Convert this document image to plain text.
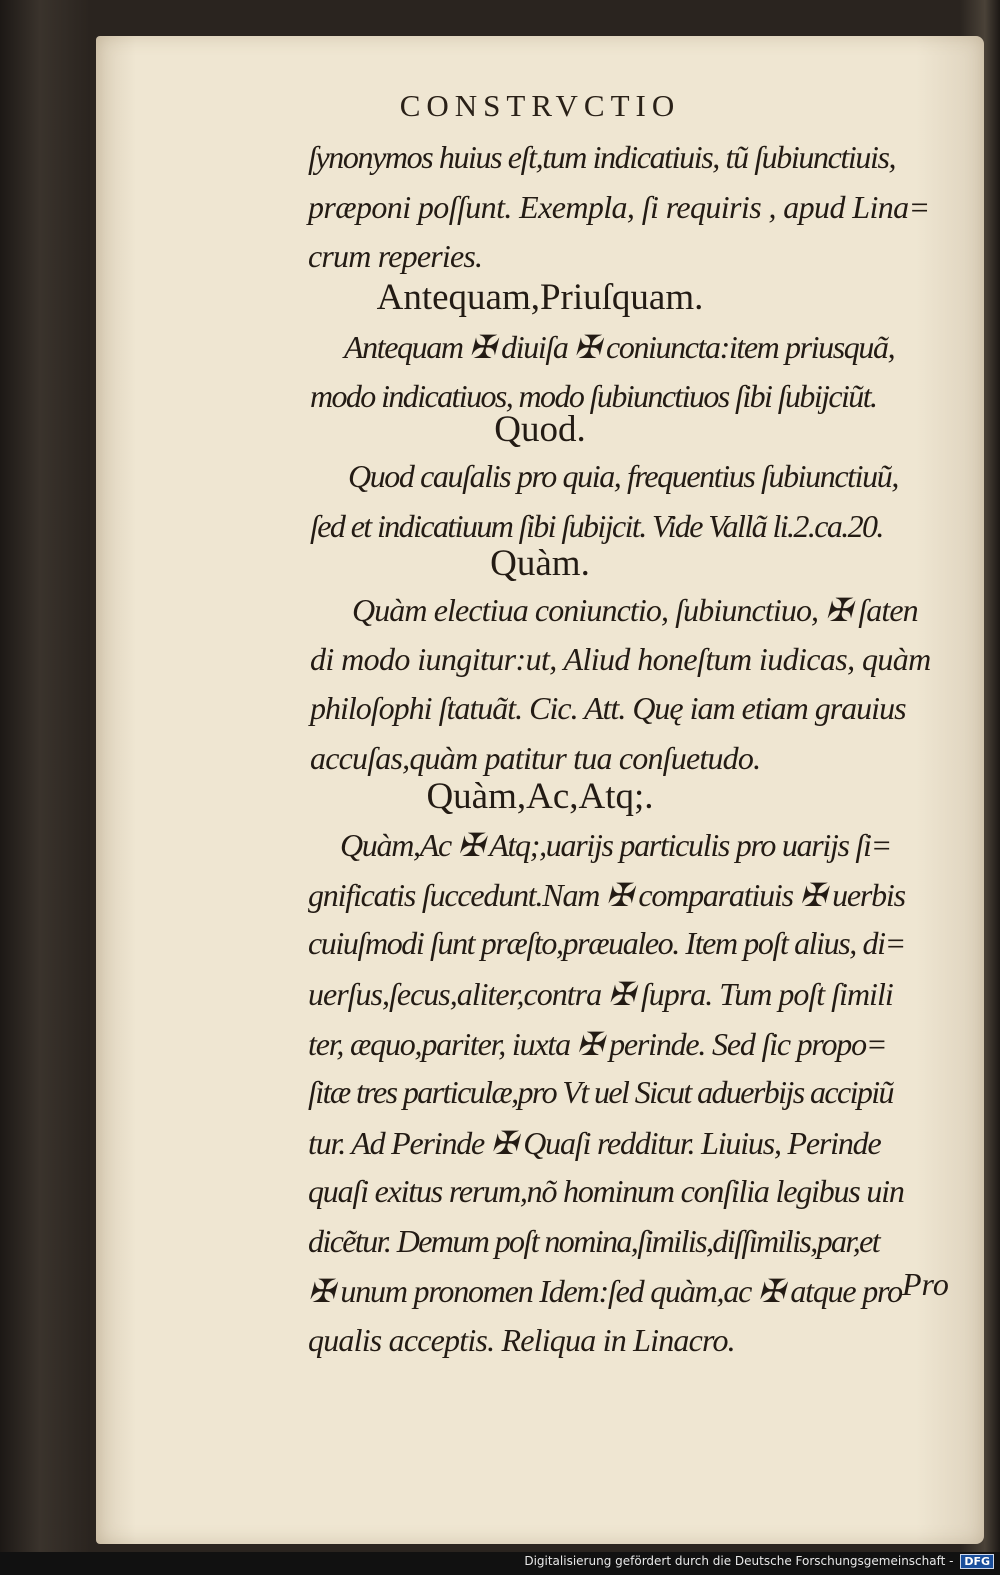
CONSTRVCTIO
ſynonymos huius eſt,tum indicatiuis, tũ ſubiunctiuis,
præponi poſſunt. Exempla, ſi requiris , apud Lina=
crum reperies.
Antequam,Priuſquam.
Antequam ✠ diuiſa ✠ coniuncta:item priusquã,
modo indicatiuos, modo ſubiunctiuos ſibi ſubijciũt.
Quod.
Quod cauſalis pro quia, frequentius ſubiunctiuũ,
ſed et indicatiuum ſibi ſubijcit. Vide Vallã li.2.ca.20.
Quàm.
Quàm electiua coniunctio, ſubiunctiuo, ✠ ſaten
di modo iungitur:ut, Aliud honeſtum iudicas, quàm
philoſophi ſtatuãt. Cic. Att. Quę iam etiam grauius
accuſas,quàm patitur tua conſuetudo.
Quàm,Ac,Atq;.
Quàm,Ac ✠ Atq;,uarijs particulis pro uarijs ſi=
gnificatis ſuccedunt.Nam ✠ comparatiuis ✠ uerbis
cuiuſmodi ſunt præſto,præualeo. Item poſt alius, di=
uerſus,ſecus,aliter,contra ✠ ſupra. Tum poſt ſimili
ter, æquo,pariter, iuxta ✠ perinde. Sed ſic propo=
ſitæ tres particulæ,pro Vt uel Sicut aduerbijs accipiũ
tur. Ad Perinde ✠ Quaſi redditur. Liuius, Perinde
quaſi exitus rerum,nõ hominum conſilia legibus uin
dicẽtur. Demum poſt nomina,ſimilis,diſſimilis,par,et
✠ unum pronomen Idem:ſed quàm,ac ✠ atque pro
qualis acceptis. Reliqua in Linacro.
Pro
Digitalisierung gefördert durch die Deutsche Forschungsgemeinschaft - DFG
